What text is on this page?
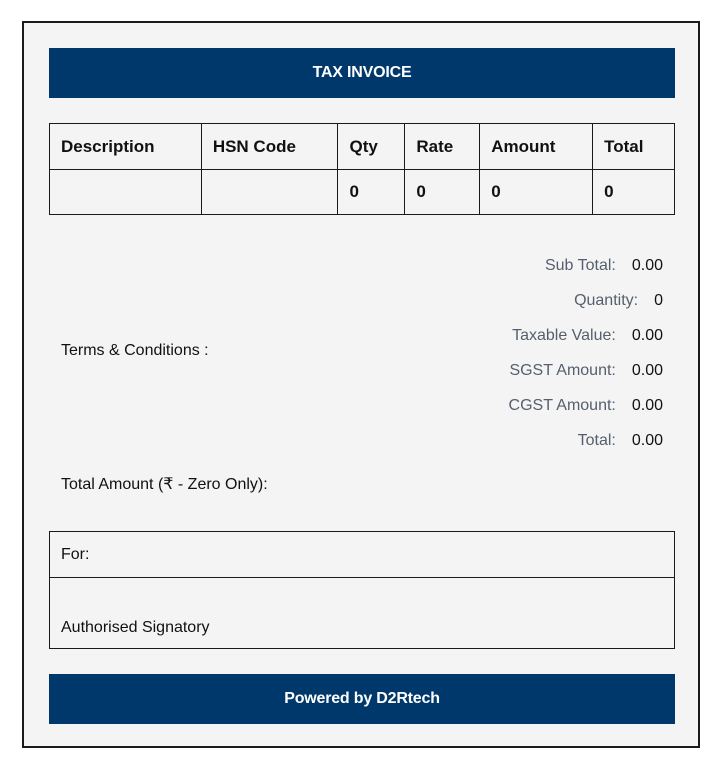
TAX INVOICE
Description	HSN Code	Qty	Rate	Amount	Total
		0	0	0	0
Terms & Conditions :
Sub Total: 0.00
Quantity: 0
Taxable Value: 0.00
SGST Amount: 0.00
CGST Amount: 0.00
Total: 0.00
Total Amount (₹ - Zero Only):
For:
Authorised Signatory
Powered by D2Rtech
